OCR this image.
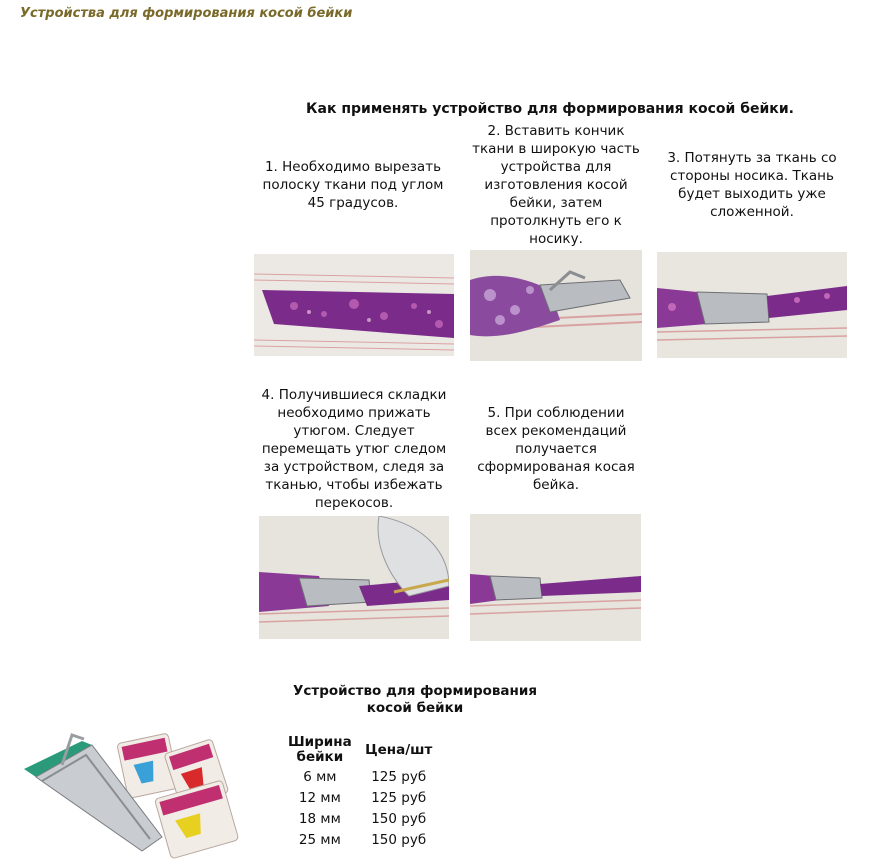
Устройства для формирования косой бейки
Как применять устройство для формирования косой бейки.
1. Необходимо вырезать полоску ткани под углом 45 градусов.
2. Вставить кончик ткани в широкую часть устройства для изготовления косой бейки, затем протолкнуть его к носику.
3. Потянуть за ткань со стороны носика. Ткань будет выходить уже сложенной.
4. Получившиеся складки необходимо прижать утюгом. Следует перемещать утюг следом за устройством, следя за тканью, чтобы избежать перекосов.
5. При соблюдении всех рекомендаций получается сформированая косая бейка.
Устройство для формирования
косой бейки
Ширина бейки	Цена/шт
6 мм	125 руб
12 мм	125 руб
18 мм	150 руб
25 мм	150 руб
